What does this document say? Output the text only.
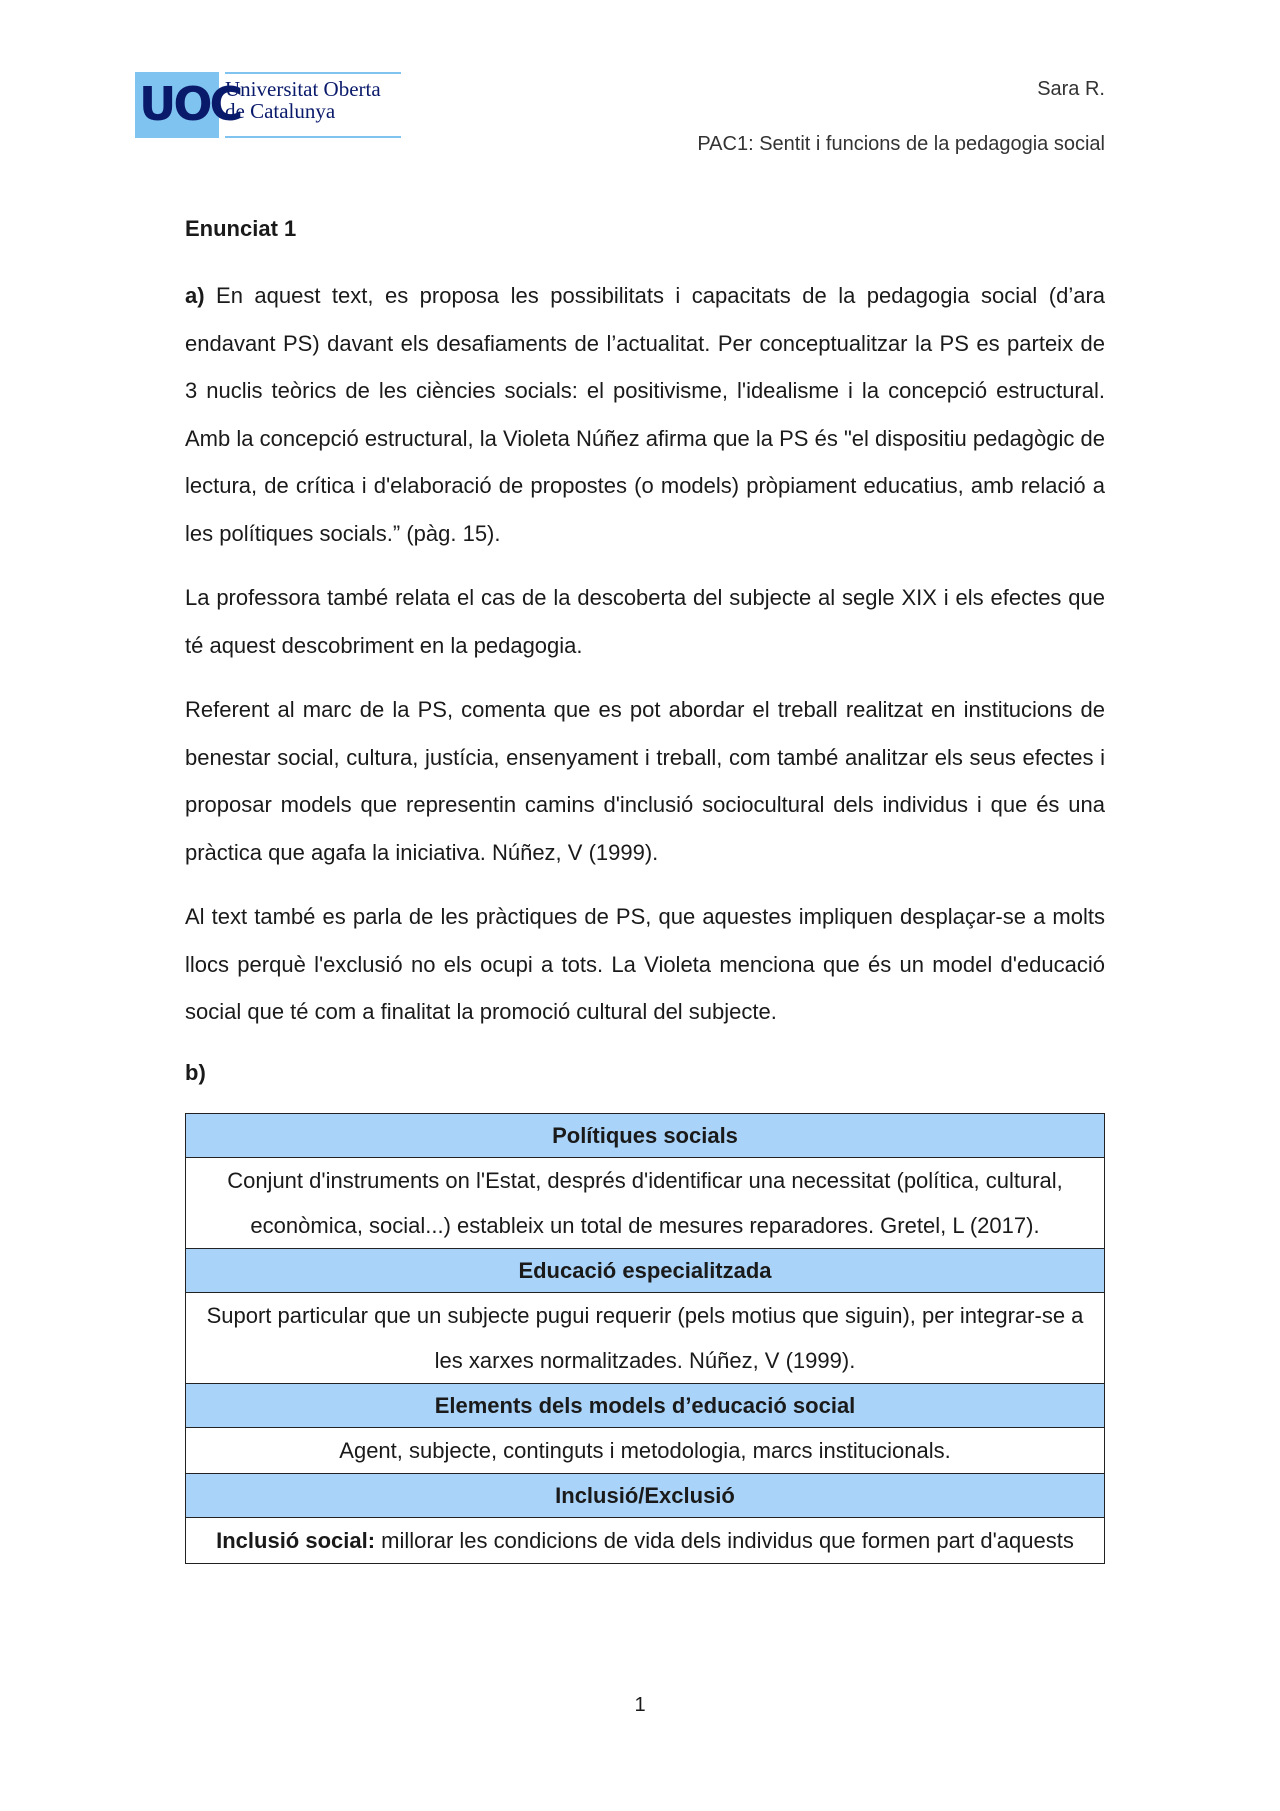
UOC
Universitat Oberta
de Catalunya
Sara R.
PAC1: Sentit i funcions de la pedagogia social
Enunciat 1

a) En aquest text, es proposa les possibilitats i capacitats de la pedagogia social (d’ara endavant PS) davant els desafiaments de l’actualitat. Per conceptualitzar la PS es parteix de 3 nuclis teòrics de les ciències socials: el positivisme, l'idealisme i la concepció estructural. Amb la concepció estructural, la Violeta Núñez afirma que la PS és "el dispositiu pedagògic de lectura, de crítica i d'elaboració de propostes (o models) pròpiament educatius, amb relació a les polítiques socials.” (pàg. 15).

La professora també relata el cas de la descoberta del subjecte al segle XIX i els efectes que té aquest descobriment en la pedagogia.

Referent al marc de la PS, comenta que es pot abordar el treball realitzat en institucions de benestar social, cultura, justícia, ensenyament i treball, com també analitzar els seus efectes i proposar models que representin camins d'inclusió sociocultural dels individus i que és una pràctica que agafa la iniciativa. Núñez, V (1999).

Al text també es parla de les pràctiques de PS, que aquestes impliquen desplaçar-se a molts llocs perquè l'exclusió no els ocupi a tots. La Violeta menciona que és un model d'educació social que té com a finalitat la promoció cultural del subjecte.

b)
Polítiques socials
Conjunt d'instruments on l'Estat, després d'identificar una necessitat (política, cultural, econòmica, social...) estableix un total de mesures reparadores. Gretel, L (2017).
Educació especialitzada
Suport particular que un subjecte pugui requerir (pels motius que siguin), per integrar-se a les xarxes normalitzades. Núñez, V (1999).
Elements dels models d’educació social
Agent, subjecte, continguts i metodologia, marcs institucionals.
Inclusió/Exclusió
Inclusió social: millorar les condicions de vida dels individus que formen part d'aquests
1
